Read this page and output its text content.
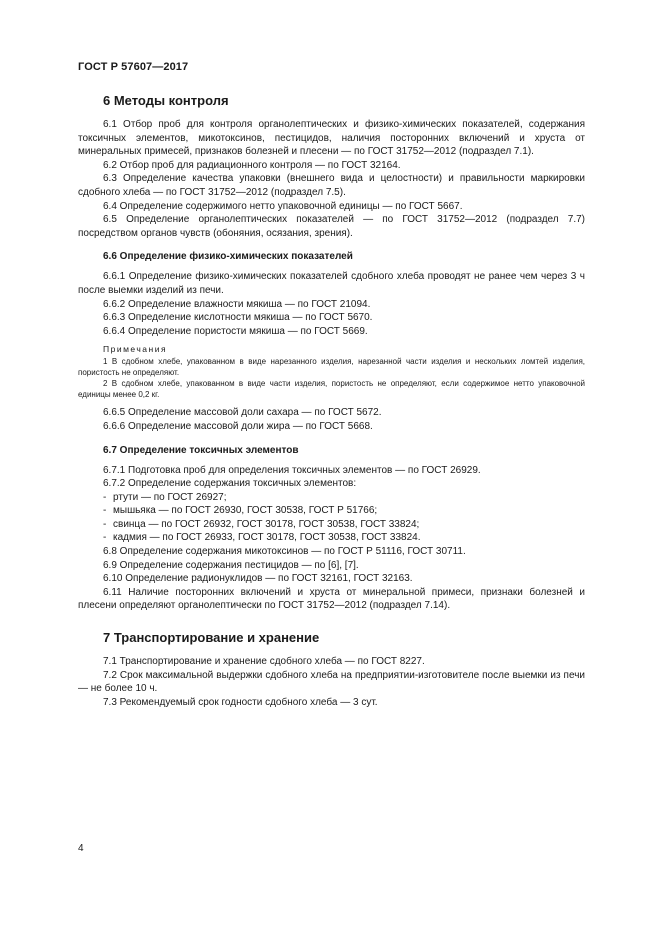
ГОСТ Р 57607—2017
6 Методы контроля

6.1 Отбор проб для контроля органолептических и физико-химических показателей, содержания токсичных элементов, микотоксинов, пестицидов, наличия посторонних включений и хруста от минеральных примесей, признаков болезней и плесени — по ГОСТ 31752—2012 (подраздел 7.1).

6.2 Отбор проб для радиационного контроля — по ГОСТ 32164.

6.3 Определение качества упаковки (внешнего вида и целостности) и правильности маркировки сдобного хлеба — по ГОСТ 31752—2012 (подраздел 7.5).

6.4 Определение содержимого нетто упаковочной единицы — по ГОСТ 5667.

6.5 Определение органолептических показателей — по ГОСТ 31752—2012 (подраздел 7.7) посредством органов чувств (обоняния, осязания, зрения).

6.6 Определение физико-химических показателей

6.6.1 Определение физико-химических показателей сдобного хлеба проводят не ранее чем через 3 ч после выемки изделий из печи.

6.6.2 Определение влажности мякиша — по ГОСТ 21094.

6.6.3 Определение кислотности мякиша — по ГОСТ 5670.

6.6.4 Определение пористости мякиша — по ГОСТ 5669.

Примечания

1 В сдобном хлебе, упакованном в виде нарезанного изделия, нарезанной части изделия и нескольких ломтей изделия, пористость не определяют.

2 В сдобном хлебе, упакованном в виде части изделия, пористость не определяют, если содержимое нетто упаковочной единицы менее 0,2 кг.

6.6.5 Определение массовой доли сахара — по ГОСТ 5672.

6.6.6 Определение массовой доли жира — по ГОСТ 5668.

6.7 Определение токсичных элементов

6.7.1 Подготовка проб для определения токсичных элементов — по ГОСТ 26929.

6.7.2 Определение содержания токсичных элементов:

- ртути — по ГОСТ 26927;
- мышьяка — по ГОСТ 26930, ГОСТ 30538, ГОСТ Р 51766;
- свинца — по ГОСТ 26932, ГОСТ 30178, ГОСТ 30538, ГОСТ 33824;
- кадмия — по ГОСТ 26933, ГОСТ 30178, ГОСТ 30538, ГОСТ 33824.

6.8 Определение содержания микотоксинов — по ГОСТ Р 51116, ГОСТ 30711.

6.9 Определение содержания пестицидов — по [6], [7].

6.10 Определение радионуклидов — по ГОСТ 32161, ГОСТ 32163.

6.11 Наличие посторонних включений и хруста от минеральной примеси, признаки болезней и плесени определяют органолептически по ГОСТ 31752—2012 (подраздел 7.14).

7 Транспортирование и хранение

7.1 Транспортирование и хранение сдобного хлеба — по ГОСТ 8227.

7.2 Срок максимальной выдержки сдобного хлеба на предприятии-изготовителе после выемки из печи — не более 10 ч.

7.3 Рекомендуемый срок годности сдобного хлеба — 3 сут.

4
